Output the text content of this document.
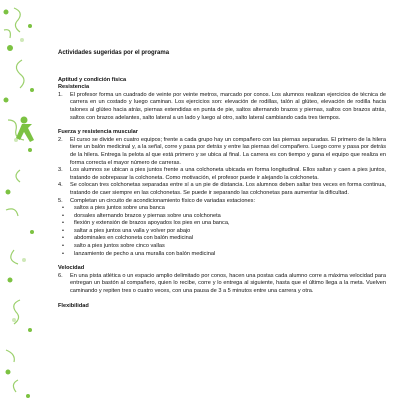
Actividades sugeridas por el programa

Aptitud y condición física

Resistencia

1. El profesor forma un cuadrado de veinte por veinte metros, marcado por conos. Los alumnos realizan ejercicios de técnica de carrera en un costado y luego caminan. Los ejercicios son: elevación de rodillas, talón al glúteo, elevación de rodilla hacia talones al glúteo hacia atrás, piernas extendidas en punta de pie, saltos alternando brazos y piernas, saltos con brazos atrás, saltos con brazos adelantes, salto lateral a un lado y luego al otro, salto lateral cambiando cada tres tiempos.

Fuerza y resistencia muscular

2. El curso se divide en cuatro equipos; frente a cada grupo hay un compañero con las piernas separadas. El primero de la hilera tiene un balón medicinal y, a la señal, corre y pasa por detrás y entre las piernas del compañero. Luego corre y pasa por detrás de la hilera. Entrega la pelota al que está primero y se ubica al final. La carrera es con tiempo y gana el equipo que realiza en forma correcta el mayor número de carreras.
3. Los alumnos se ubican a pies juntos frente a una colchoneta ubicada en forma longitudinal. Ellos saltan y caen a pies juntos, tratando de sobrepasar la colchoneta. Como motivación, el profesor puede ir alejando la colchoneta.
4. Se colocan tres colchonetas separadas entre sí a un pie de distancia. Los alumnos deben saltar tres veces en forma continua, tratando de caer siempre en las colchonetas. Se puede ir separando las colchonetas para aumentar la dificultad.
5. Completan un circuito de acondicionamiento físico de variadas estaciones:
• saltos a pies juntos sobre una banca
• dorsales alternando brazos y piernas sobre una colchoneta
• flexión y extensión de brazos apoyados los pies en una banca,
• saltar a pies juntos una valla y volver por abajo
• abdominales en colchoneta con balón medicinal
• salto a pies juntos sobre cinco vallas
• lanzamiento de pecho a una muralla con balón medicinal

Velocidad

6. En una pista atlética o un espacio amplio delimitado por conos, hacen una postas cada alumno corre a máxima velocidad para entregan un bastón al compañero, quien lo recibe, corre y lo entrega al siguiente, hasta que el último llega a la meta. Vuelven caminando y repiten tres o cuatro veces, con una pausa de 3 a 5 minutos entre una carrera y otra.

Flexibilidad
